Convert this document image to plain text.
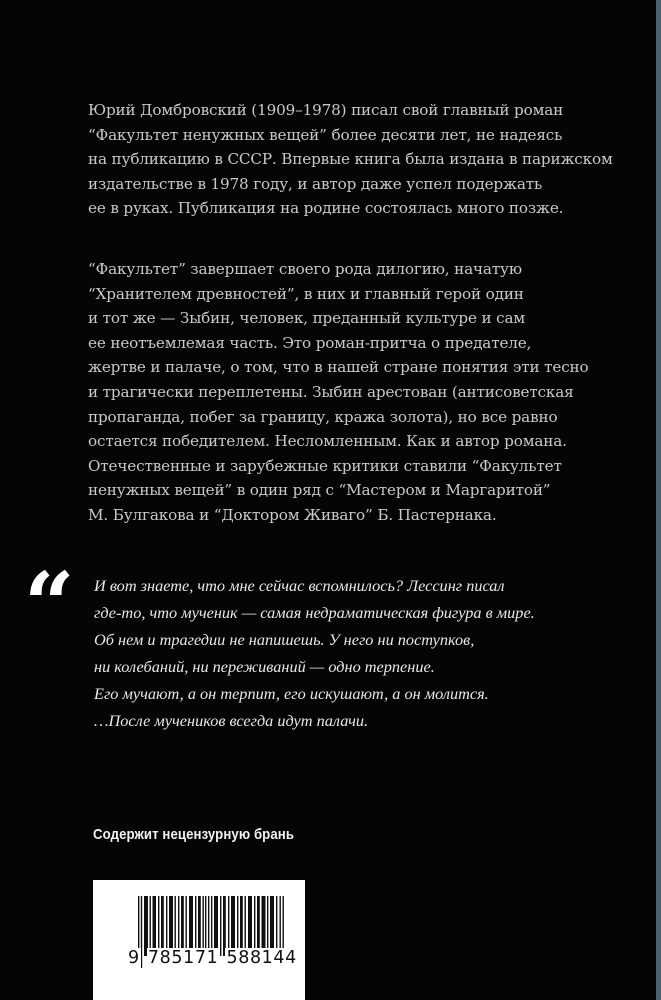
Юрий Домбровский (1909–1978) писал свой главный роман
“Факультет ненужных вещей” более десяти лет, не надеясь
на публикацию в СССР. Впервые книга была издана в парижском
издательстве в 1978 году, и автор даже успел подержать
ее в руках. Публикация на родине состоялась много позже.
“Факультет” завершает своего рода дилогию, начатую
“Хранителем древностей”, в них и главный герой один
и тот же — Зыбин, человек, преданный культуре и сам
ее неотъемлемая часть. Это роман-притча о предателе,
жертве и палаче, о том, что в нашей стране понятия эти тесно
и трагически переплетены. Зыбин арестован (антисоветская
пропаганда, побег за границу, кража золота), но все равно
остается победителем. Несломленным. Как и автор романа.
Отечественные и зарубежные критики ставили “Факультет
ненужных вещей” в один ряд с “Мастером и Маргаритой”
М. Булгакова и “Доктором Живаго” Б. Пастернака.
“ И вот знаете, что мне сейчас вспомнилось? Лессинг писал
где-то, что мученик — самая недраматическая фигура в мире.
Об нем и трагедии не напишешь. У него ни поступков,
ни колебаний, ни переживаний — одно терпение.
Его мучают, а он терпит, его искушают, а он молится.
…После мучеников всегда идут палачи.
Содержит нецензурную брань
9 785171 588144
